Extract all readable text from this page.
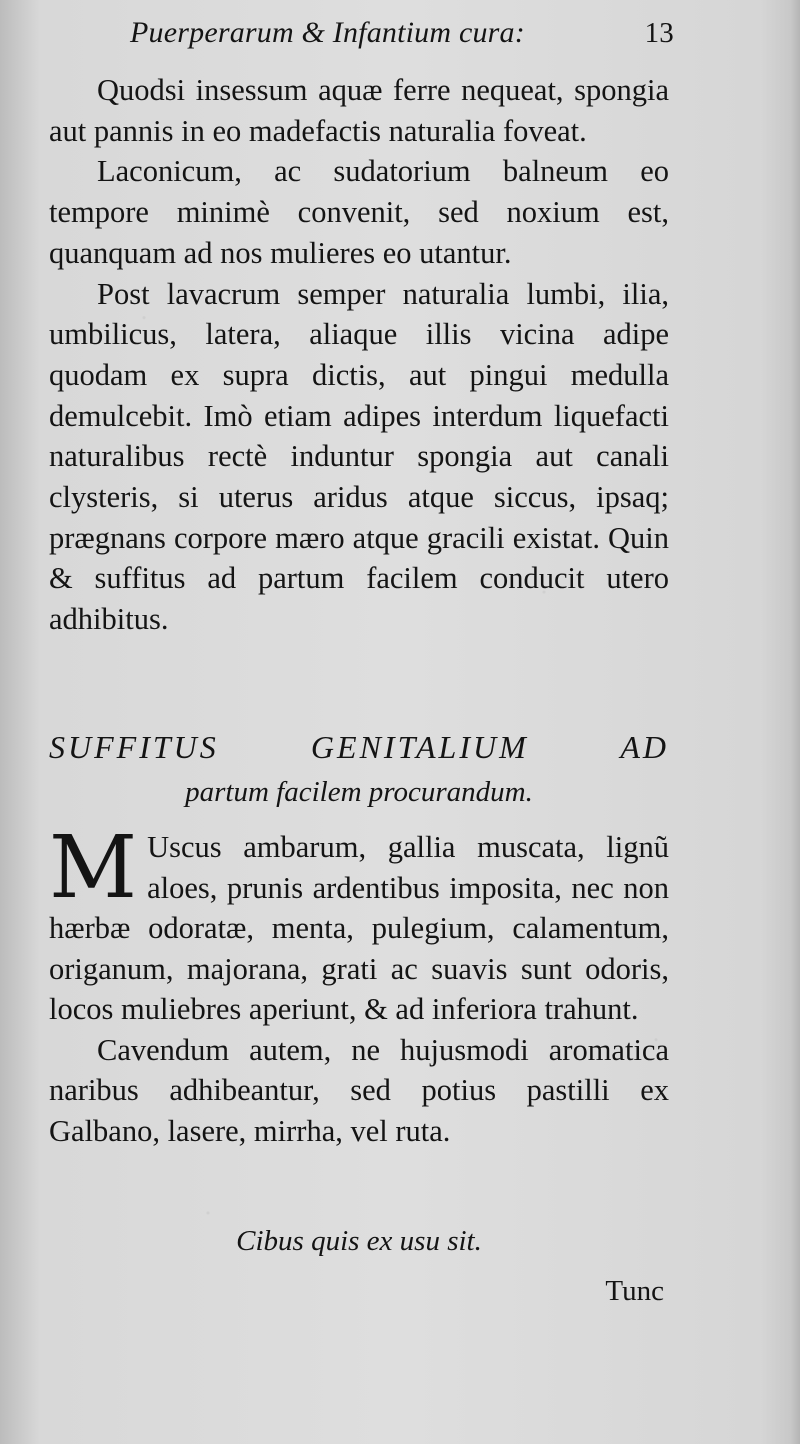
Puerperarum & Infantium cura:	13

Quodsi insessum aquæ ferre nequeat, spongia aut pannis in eo madefactis naturalia foveat.

Laconicum, ac sudatorium balneum eo tempore minimè convenit, sed noxium est, quanquam ad nos mulieres eo utantur.

Post lavacrum semper naturalia lumbi, ilia, umbilicus, latera, aliaque illis vicina adipe quodam ex supra dictis, aut pingui medulla demulcebit. Imò etiam adipes interdum liquefacti naturalibus rectè induntur spongia aut canali clysteris, si uterus aridus atque siccus, ipsaq; prægnans corpore mæro atque gracili existat. Quin & suffitus ad partum facilem conducit utero adhibitus.

SUFFITUS GENITALIUM AD
partum facilem procurandum.
M Uscus ambarum, gallia muscata, lignũ aloes, prunis ardentibus imposita, nec non hærbæ odoratæ, menta, pulegium, calamentum, origanum, majorana, grati ac suavis sunt odoris, locos muliebres aperiunt, & ad inferiora trahunt.

Cavendum autem, ne hujusmodi aromatica naribus adhibeantur, sed potius pastilli ex Galbano, lasere, mirrha, vel ruta.

Cibus quis ex usu sit.
Tunc
